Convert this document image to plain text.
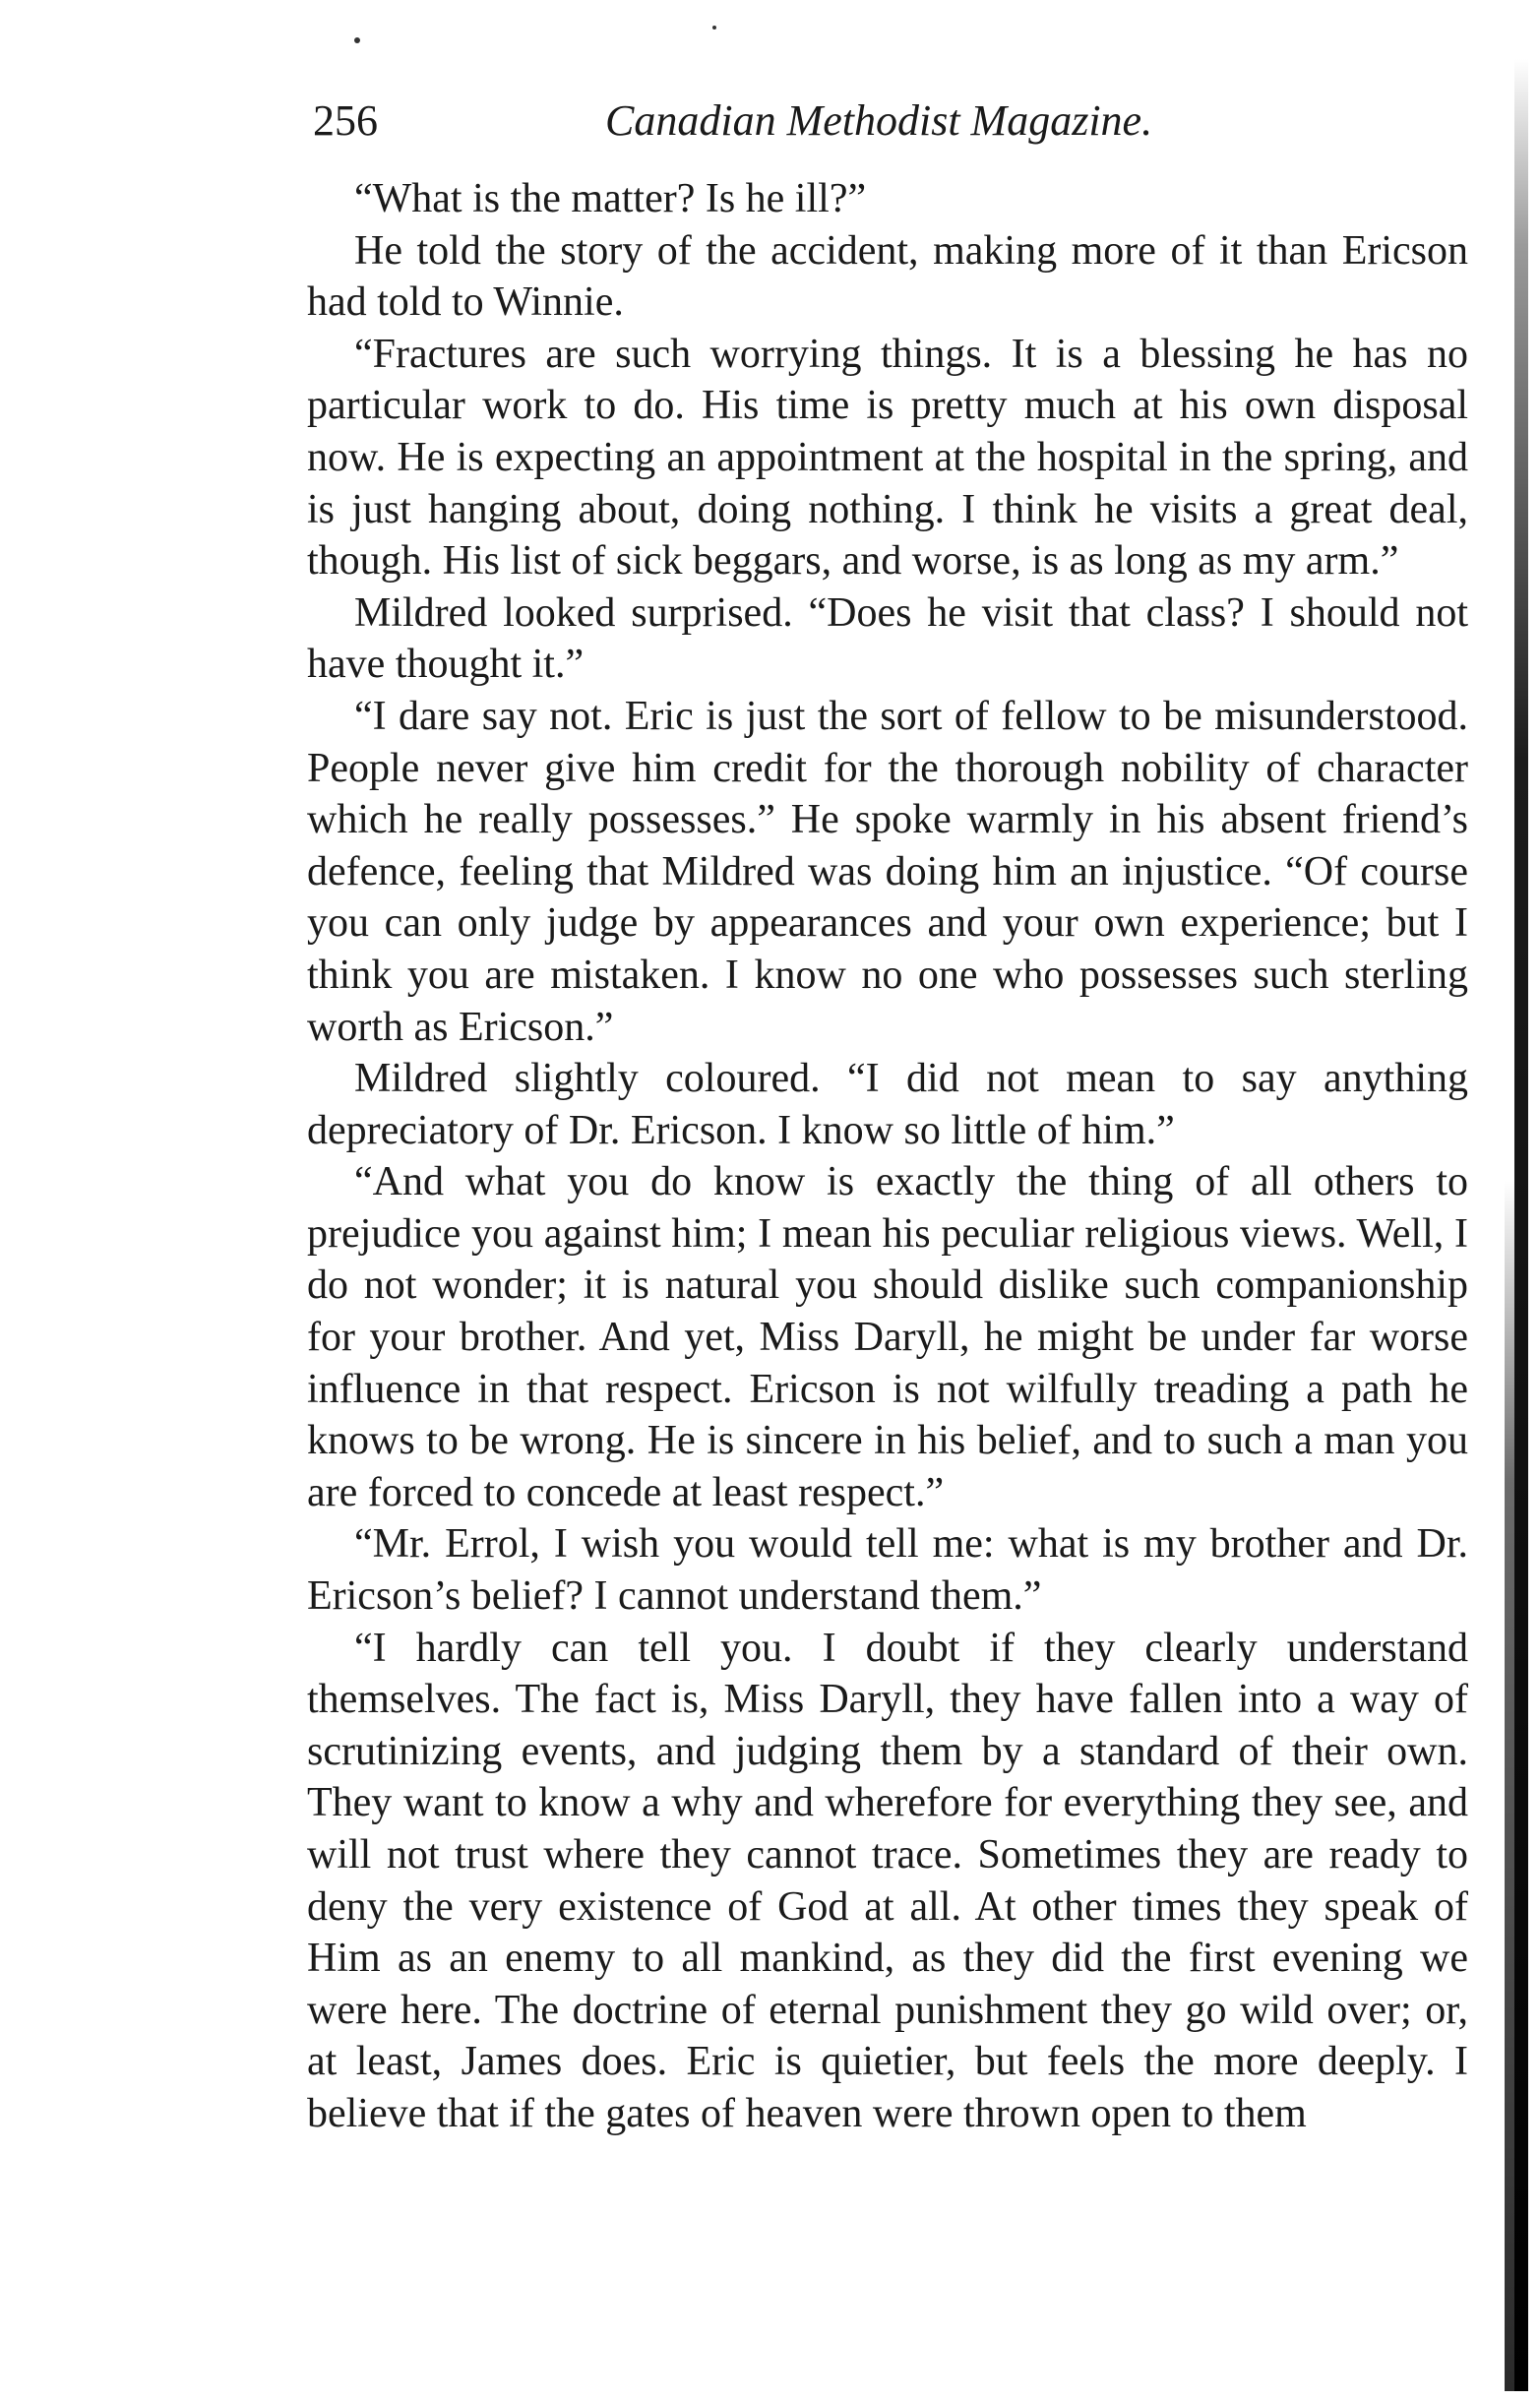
256	Canadian Methodist Magazine.

“What is the matter? Is he ill?”

He told the story of the accident, making more of it than Ericson had told to Winnie.

“Fractures are such worrying things. It is a blessing he has no particular work to do. His time is pretty much at his own disposal now. He is expecting an appointment at the hospital in the spring, and is just hanging about, doing nothing. I think he visits a great deal, though. His list of sick beggars, and worse, is as long as my arm.”

Mildred looked surprised. “Does he visit that class? I should not have thought it.”

“I dare say not. Eric is just the sort of fellow to be misunderstood. People never give him credit for the thorough nobility of character which he really possesses.” He spoke warmly in his absent friend’s defence, feeling that Mildred was doing him an injustice. “Of course you can only judge by appearances and your own experience; but I think you are mistaken. I know no one who possesses such sterling worth as Ericson.”

Mildred slightly coloured. “I did not mean to say anything depreciatory of Dr. Ericson. I know so little of him.”

“And what you do know is exactly the thing of all others to prejudice you against him; I mean his peculiar religious views. Well, I do not wonder; it is natural you should dislike such companionship for your brother. And yet, Miss Daryll, he might be under far worse influence in that respect. Ericson is not wilfully treading a path he knows to be wrong. He is sincere in his belief, and to such a man you are forced to concede at least respect.”

“Mr. Errol, I wish you would tell me: what is my brother and Dr. Ericson’s belief? I cannot understand them.”

“I hardly can tell you. I doubt if they clearly understand themselves. The fact is, Miss Daryll, they have fallen into a way of scrutinizing events, and judging them by a standard of their own. They want to know a why and wherefore for everything they see, and will not trust where they cannot trace. Sometimes they are ready to deny the very existence of God at all. At other times they speak of Him as an enemy to all mankind, as they did the first evening we were here. The doctrine of eternal punishment they go wild over; or, at least, James does. Eric is quietier, but feels the more deeply. I believe that if the gates of heaven were thrown open to them
